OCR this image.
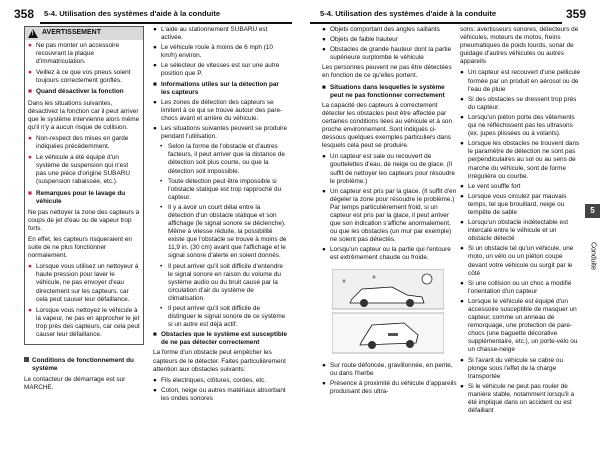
358 5-4. Utilisation des systèmes d'aide à la conduite
! AVERTISSEMENT
● Ne pas monter un accessoire recouvrant la plaque d'immatriculation.
● Veillez à ce que vos pneus soient toujours correctement gonflés.
■ Quand désactiver la fonction

Dans les situations suivantes, désactivez la fonction car il peut arriver que le système intervienne alors même qu'il n'y a aucun risque de collision.

● Non-respect des mises en garde indiquées précédemment.
● Le véhicule a été équipé d'un système de suspension qui n'est pas une pièce d'origine SUBARU (suspension rabaissée, etc.).
■ Remarques pour le lavage du véhicule

Ne pas nettoyer la zone des capteurs à coups de jet d'eau ou de vapeur trop forts.

En effet, les capteurs risqueraient en suite de ne plus fonctionner normalement.

● Lorsque vous utilisez un nettoyeur à haute pression pour laver le véhicule, ne pas envoyer d'eau directement sur les capteurs, car cela peut causer leur défaillance.
● Lorsque vous nettoyez le véhicule à la vapeur, ne pas en approcher le jet trop près des capteurs, car cela peut causer leur défaillance.
Conditions de fonctionnement du système

Le contacteur de démarrage est sur MARCHE.

● L'aide au stationnement SUBARU est activée.
● Le véhicule roule à moins de 6 mph (10 km/h) environ.
● Le sélecteur de vitesses est sur une autre position que P.
■ Informations utiles sur la détection par les capteurs
● Les zones de détection des capteurs se limitent à ce qui se trouve autour des pare-chocs avant et arrière du véhicule.
● Les situations suivantes peuvent se produire pendant l'utilisation.
• Selon la forme de l'obstacle et d'autres facteurs, il peut arriver que la distance de détection soit plus courte, ou que la détection soit impossible.
• Toute détection peut être impossible si l'obstacle statique est trop rapproché du capteur.
• Il y a avoir un court délai entre la détection d'un obstacle statique et son affichage (le signal sonore se déclenche). Même à vitesse réduite, la possibilité existe que l'obstacle se trouve à moins de 11,9 in. (30 cm) avant que l'affichage et le signal sonore d'alerte en soient donnés.
• Il peut arriver qu'il soit difficile d'entendre le signal sonore en raison du volume du système audio ou du bruit causé par la circulation d'air du système de climatisation.
• Il peut arriver qu'il soit difficile de distinguer le signal sonore de ce système si un autre est déjà actif.
■ Obstacles que le système est susceptible de ne pas détecter correctement

La forme d'un obstacle peut empêcher les capteurs de le détecter. Faites particulièrement attention aux obstacles suivants:

● Fils électriques, clôtures, cordes, etc.
● Coton, neige ou autres matériaux absorbant les ondes sonores
5-4. Utilisation des systèmes d'aide à la conduite	359
● Objets comportant des angles saillants
● Objets de faible hauteur
● Obstacles de grande hauteur dont la partie supérieure surplombe le véhicule

Les personnes peuvent ne pas être détectées en fonction de ce qu'elles portent.

■ Situations dans lesquelles le système peut ne pas fonctionner correctement

La capacité des capteurs à correctement détecter les obstacles peut être affectée par certaines conditions liées au véhicule et à son proche environnement. Sont indiqués ci-dessous quelques exemples particuliers dans lesquels cela peut se produire.

● Un capteur est sale ou recouvert de gouttelettes d'eau, de neige ou de glace. (Il suffit de nettoyer les capteurs pour résoudre le problème.)
● Un capteur est pris par la glace. (Il suffit d'en dégeler la zone pour résoudre le problème.) Par temps particulièrement froid, si un capteur est pris par la glace, il peut arriver que son indication s'affiche anormalement, ou que les obstacles (un mur par exemple) ne soient pas détectés.
● Lorsqu'un capteur ou la partie qui l'entoure est extrêmement chaude ou froide.
● Sur route défoncée, gravillonnée, en pente, ou dans l'herbe
● Présence à proximité du véhicule d'appareils produisant des ultra-

sons: avertisseurs sonores, détecteurs de véhicules, moteurs de motos, freins pneumatiques de poids lourds, sonar de guidage d'autres véhicules ou autres appareils

● Un capteur est recouvert d'une pellicule formée par un produit en aérosol ou de l'eau de pluie
● Si des obstacles se dressent trop près du capteur.
● Lorsqu'un piéton porte des vêtements qui ne réfléchissent pas les ultrasons (ex. jupes plissées ou à volants).
● Lorsque les obstacles ne trouvent dans le paramètre de détection ne sont pas perpendiculaires au sol ou au sens de marche du véhicule, sont de forme irrégulière ou courbe.
● Le vent souffle fort
● Lorsque vous circulez par mauvais temps, tel que brouillard, neige ou tempête de sable
● Lorsqu'un obstacle indétectable est intercalé entre le véhicule et un obstacle détecté
● Si un obstacle tel qu'un véhicule, une moto, un vélo ou un piéton coupe devant votre véhicule ou surgit par le côté
● Si une collision ou un choc a modifié l'orientation d'un capteur
● Lorsque le véhicule est équipé d'un accessoire susceptible de masquer un capteur, comme un anneau de remorquage, une protection de pare-chocs (une baguette décorative supplémentaire, etc.), un porte-vélo ou un chasse-neige
● Si l'avant du véhicule se cabre ou plonge sous l'effet de la charge transportée
● Si le véhicule ne peut pas rouler de manière stable, notamment lorsqu'il a été impliqué dans un accident ou est défaillant
5
Conduite
